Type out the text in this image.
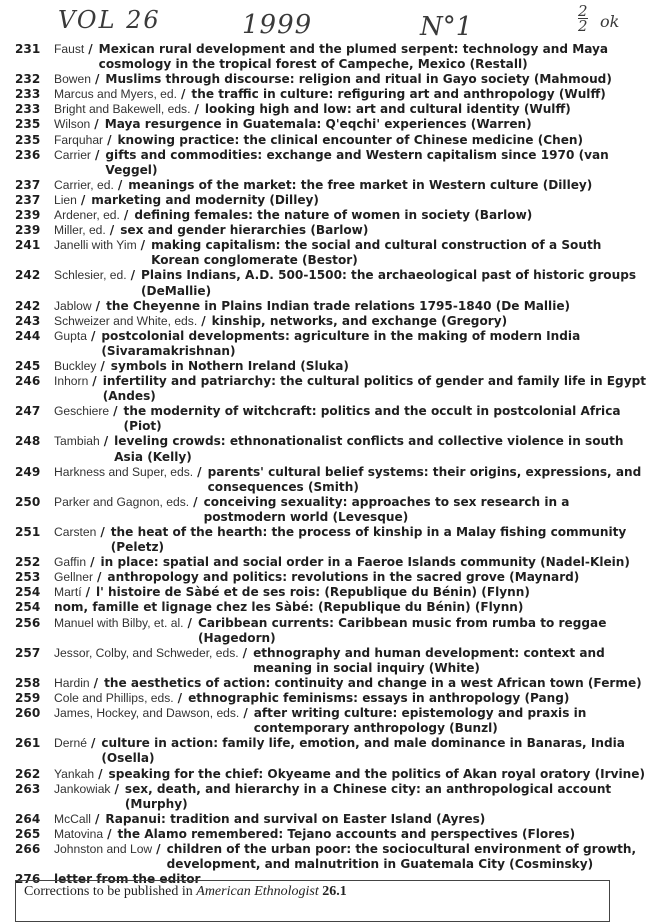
VOL 26	1999	N°1	$\frac{2}{2}$ ok
231	Faust / Mexican rural development and the plumed serpent: technology and Maya cosmology in the tropical forest of Campeche, Mexico (Restall)
232	Bowen / Muslims through discourse: religion and ritual in Gayo society (Mahmoud)
233	Marcus and Myers, ed. / the traffic in culture: refiguring art and anthropology (Wulff)
233	Bright and Bakewell, eds. / looking high and low: art and cultural identity (Wulff)
235	Wilson / Maya resurgence in Guatemala: Q'eqchi' experiences (Warren)
235	Farquhar / knowing practice: the clinical encounter of Chinese medicine (Chen)
236	Carrier / gifts and commodities: exchange and Western capitalism since 1970 (van Veggel)
237	Carrier, ed. / meanings of the market: the free market in Western culture (Dilley)
237	Lien / marketing and modernity (Dilley)
239	Ardener, ed. / defining females: the nature of women in society (Barlow)
239	Miller, ed. / sex and gender hierarchies (Barlow)
241	Janelli with Yim / making capitalism: the social and cultural construction of a South Korean conglomerate (Bestor)
242	Schlesier, ed. / Plains Indians, A.D. 500-1500: the archaeological past of historic groups (DeMallie)
242	Jablow / the Cheyenne in Plains Indian trade relations 1795-1840 (De Mallie)
243	Schweizer and White, eds. / kinship, networks, and exchange (Gregory)
244	Gupta / postcolonial developments: agriculture in the making of modern India (Sivaramakrishnan)
245	Buckley / symbols in Nothern Ireland (Sluka)
246	Inhorn / infertility and patriarchy: the cultural politics of gender and family life in Egypt (Andes)
247	Geschiere / the modernity of witchcraft: politics and the occult in postcolonial Africa (Piot)
248	Tambiah / leveling crowds: ethnonationalist conflicts and collective violence in south Asia (Kelly)
249	Harkness and Super, eds. / parents' cultural belief systems: their origins, expressions, and consequences (Smith)
250	Parker and Gagnon, eds. / conceiving sexuality: approaches to sex research in a postmodern world (Levesque)
251	Carsten / the heat of the hearth: the process of kinship in a Malay fishing community (Peletz)
252	Gaffin / in place: spatial and social order in a Faeroe Islands community (Nadel-Klein)
253	Gellner / anthropology and politics: revolutions in the sacred grove (Maynard)
254	Martí / l' histoire de Sàbé et de ses rois: (Republique du Bénin) (Flynn)
254	nom, famille et lignage chez les Sàbé: (Republique du Bénin) (Flynn)
256	Manuel with Bilby, et. al. / Caribbean currents: Caribbean music from rumba to reggae (Hagedorn)
257	Jessor, Colby, and Schweder, eds. / ethnography and human development: context and meaning in social inquiry (White)
258	Hardin / the aesthetics of action: continuity and change in a west African town (Ferme)
259	Cole and Phillips, eds. / ethnographic feminisms: essays in anthropology (Pang)
260	James, Hockey, and Dawson, eds. / after writing culture: epistemology and praxis in contemporary anthropology (Bunzl)
261	Derné / culture in action: family life, emotion, and male dominance in Banaras, India (Osella)
262	Yankah / speaking for the chief: Okyeame and the politics of Akan royal oratory (Irvine)
263	Jankowiak / sex, death, and hierarchy in a Chinese city: an anthropological account (Murphy)
264	McCall / Rapanui: tradition and survival on Easter Island (Ayres)
265	Matovina / the Alamo remembered: Tejano accounts and perspectives (Flores)
266	Johnston and Low / children of the urban poor: the sociocultural environment of growth, development, and malnutrition in Guatemala City (Cosminsky)
276	letter from the editor
Corrections to be published in American Ethnologist 26.1
